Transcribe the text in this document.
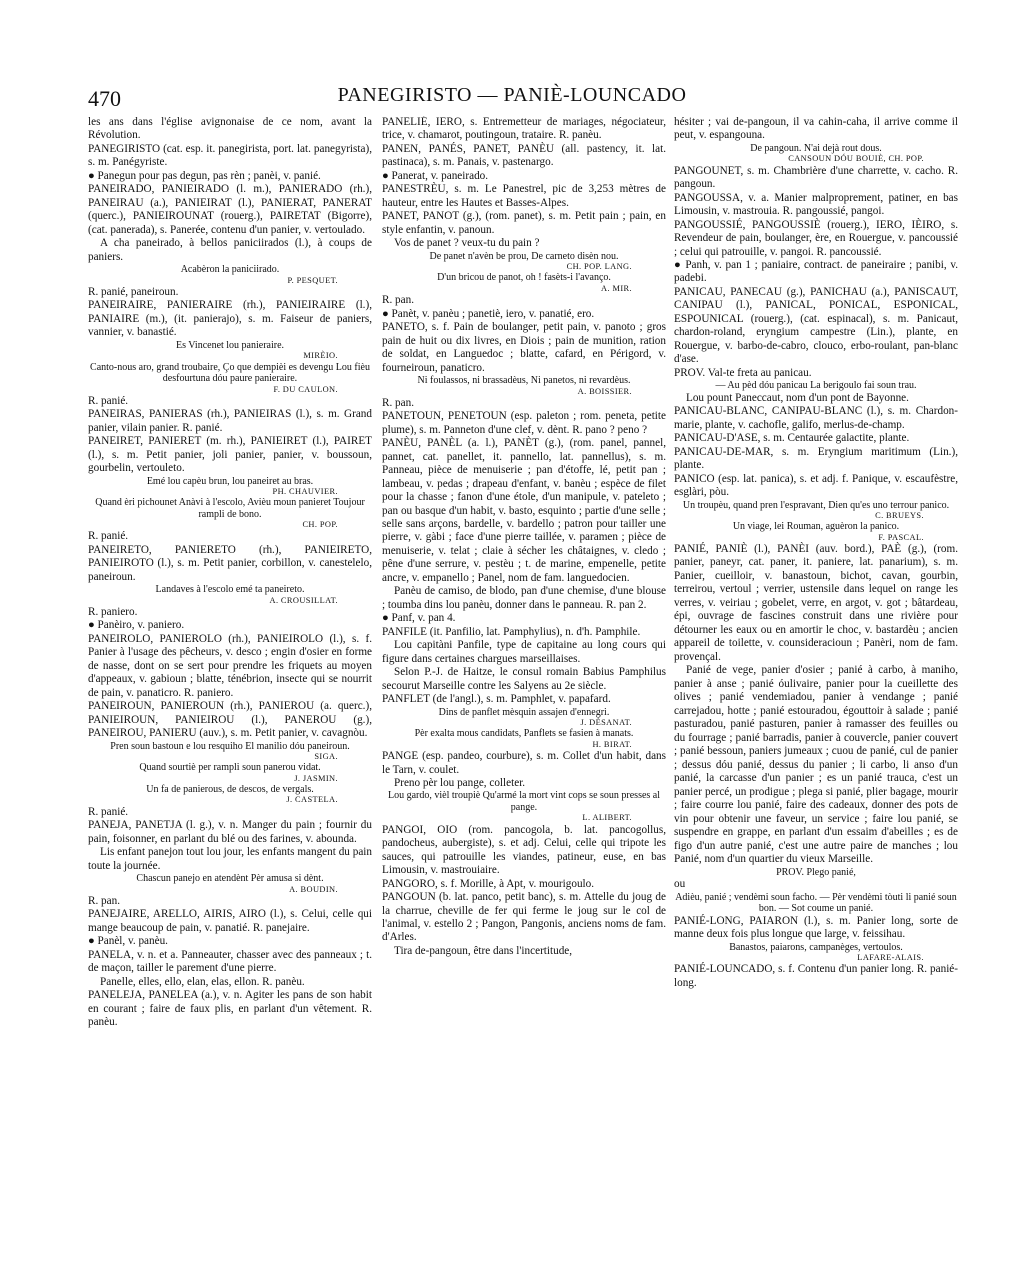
470	PANEGIRISTO — PANIÈ-LOUNCADO

les ans dans l'église avignonaise de ce nom, avant la Révolution.

PANEGIRISTO (cat. esp. it. panegirista, port. lat. panegyrista), s. m. Panégyriste.

● Panegun pour pas degun, pas rèn ; panèi, v. panié.

PANEIRADO, PANIEIRADO (l. m.), PANIERADO (rh.), PANEIRAU (a.), PANIEIRAT (l.), PANIERAT, PANERAT (querc.), PANIEIROUNAT (rouerg.), PAIRETAT (Bigorre), (cat. panerada), s. Panerée, contenu d'un panier, v. vertoulado.

A cha paneirado, à bellos paniciirados (l.), à coups de paniers.

Acabèron la paniciirado.

P. PESQUET.

R. panié, paneiroun.

PANEIRAIRE, PANIERAIRE (rh.), PANIEIRAIRE (l.), PANIAIRE (m.), (it. panierajo), s. m. Faiseur de paniers, vannier, v. banastié.

Es Vincenet lou panieraire.

MIRÈIO.

Canto-nous aro, grand troubaire, Ço que dempièi es devengu Lou fièu desfourtuna dóu paure panieraire.

F. DU CAULON.

R. panié.

PANEIRAS, PANIERAS (rh.), PANIEIRAS (l.), s. m. Grand panier, vilain panier. R. panié.

PANEIRET, PANIERET (m. rh.), PANIEIRET (l.), PAIRET (l.), s. m. Petit panier, joli panier, panier, v. boussoun, gourbelin, vertouleto.

Emé lou capèu brun, lou paneiret au bras.

PH. CHAUVIER.

Quand èri pichounet Anàvi à l'escolo, Avièu moun panieret Toujour rampli de bono.

CH. POP.

R. panié.

PANEIRETO, PANIERETO (rh.), PANIEIRETO, PANIEIROTO (l.), s. m. Petit panier, corbillon, v. canestelelo, paneiroun.

Landaves à l'escolo emé ta paneireto.

A. CROUSILLAT.

R. paniero.

● Panèiro, v. paniero.

PANEIROLO, PANIEROLO (rh.), PANIEIROLO (l.), s. f. Panier à l'usage des pêcheurs, v. desco ; engin d'osier en forme de nasse, dont on se sert pour prendre les friquets au moyen d'appeaux, v. gabioun ; blatte, ténébrion, insecte qui se nourrit de pain, v. panaticro. R. paniero.

PANEIROUN, PANIEROUN (rh.), PANIEROU (a. querc.), PANIEIROUN, PANIEIROU (l.), PANEROU (g.), PANEIROU, PANIERU (auv.), s. m. Petit panier, v. cavagnòu.

Pren soun bastoun e lou resquiho El manilio dóu paneiroun.

SIGA.

Quand sourtiè per rampli soun panerou vidat.

J. JASMIN.

Un fa de panierous, de descos, de vergals.

J. CASTELA.

R. panié.

PANEJA, PANETJA (l. g.), v. n. Manger du pain ; fournir du pain, foisonner, en parlant du blé ou des farines, v. abounda.

Lis enfant panejon tout lou jour, les enfants mangent du pain toute la journée.

Chascun panejo en atendènt Pèr amusa si dènt.

A. BOUDIN.

R. pan.

PANEJAIRE, ARELLO, AIRIS, AIRO (l.), s. Celui, celle qui mange beaucoup de pain, v. panatié. R. panejaire.

● Panèl, v. panèu.

PANELA, v. n. et a. Panneauter, chasser avec des panneaux ; t. de maçon, tailler le parement d'une pierre.

Panelle, elles, ello, elan, elas, ellon. R. panèu.

PANELEJA, PANELEA (a.), v. n. Agiter les pans de son habit en courant ; faire de faux plis, en parlant d'un vêtement. R. panèu.

PANELIÉ, IERO, s. Entremetteur de mariages, négociateur, trice, v. chamarot, poutingoun, trataire. R. panèu.

PANEN, PANÉS, PANET, PANÈU (all. pastency, it. lat. pastinaca), s. m. Panais, v. pastenargo.

● Panerat, v. paneirado.

PANESTRÈU, s. m. Le Panestrel, pic de 3,253 mètres de hauteur, entre les Hautes et Basses-Alpes.

PANET, PANOT (g.), (rom. panet), s. m. Petit pain ; pain, en style enfantin, v. panoun.

Vos de panet ? veux-tu du pain ?

De panet n'avèn be prou, De carneto disèn nou.

CH. POP. LANG.

D'un bricou de panot, oh ! fasèts-i l'avanço.

A. MIR.

R. pan.

● Panèt, v. panèu ; panetiè, iero, v. panatié, ero.

PANETO, s. f. Pain de boulanger, petit pain, v. panoto ; gros pain de huit ou dix livres, en Diois ; pain de munition, ration de soldat, en Languedoc ; blatte, cafard, en Périgord, v. fourneiroun, panaticro.

Ni foulassos, ni brassadèus, Ni panetos, ni revardèus.

A. BOISSIER.

R. pan.

PANETOUN, PENETOUN (esp. paleton ; rom. peneta, petite plume), s. m. Panneton d'une clef, v. dènt. R. pano ? peno ?

PANÈU, PANÈL (a. l.), PANÈT (g.), (rom. panel, pannel, pannet, cat. panellet, it. pannello, lat. pannellus), s. m. Panneau, pièce de menuiserie ; pan d'étoffe, lé, petit pan ; lambeau, v. pedas ; drapeau d'enfant, v. banèu ; espèce de filet pour la chasse ; fanon d'une étole, d'un manipule, v. pateleto ; pan ou basque d'un habit, v. basto, esquinto ; partie d'une selle ; selle sans arçons, bardelle, v. bardello ; patron pour tailler une pierre, v. gàbi ; face d'une pierre taillée, v. paramen ; pièce de menuiserie, v. telat ; claie à sécher les châtaignes, v. cledo ; pêne d'une serrure, v. pestèu ; t. de marine, empenelle, petite ancre, v. empanello ; Panel, nom de fam. languedocien.

Panèu de camiso, de blodo, pan d'une chemise, d'une blouse ; toumba dins lou panèu, donner dans le panneau. R. pan 2.

● Panf, v. pan 4.

PANFILE (it. Panfilio, lat. Pamphylius), n. d'h. Pamphile.

Lou capitàni Panfile, type de capitaine au long cours qui figure dans certaines chargues marseillaises.

Selon P.-J. de Haitze, le consul romain Babius Pamphilus secourut Marseille contre les Salyens au 2e siècle.

PANFLET (de l'angl.), s. m. Pamphlet, v. papafard.

Dins de panflet mèsquin assajen d'ennegri.

J. DÉSANAT.

Pèr exalta mous candidats, Panflets se fasien à manats.

H. BIRAT.

PANGE (esp. pandeo, courbure), s. m. Collet d'un habit, dans le Tarn, v. coulet.

Preno pèr lou pange, colleter.

Lou gardo, vièl troupiè Qu'armé la mort vint cops se soun presses al pange.

L. ALIBERT.

PANGOI, OIO (rom. pancogola, b. lat. pancogollus, pandocheus, aubergiste), s. et adj. Celui, celle qui tripote les sauces, qui patrouille les viandes, patineur, euse, en bas Limousin, v. mastrouiaire.

PANGORO, s. f. Morille, à Apt, v. mourigoulo.

PANGOUN (b. lat. panco, petit banc), s. m. Attelle du joug de la charrue, cheville de fer qui ferme le joug sur le col de l'animal, v. estello 2 ; Pangon, Pangonis, anciens noms de fam. d'Arles.

Tira de-pangoun, être dans l'incertitude,

hésiter ; vai de-pangoun, il va cahin-caha, il arrive comme il peut, v. espangouna.

De pangoun. N'ai dejà rout dous.

CANSOUN DÓU BOUIÈ, CH. POP.

PANGOUNET, s. m. Chambrière d'une charrette, v. cacho. R. pangoun.

PANGOUSSA, v. a. Manier malproprement, patiner, en bas Limousin, v. mastrouia. R. pangoussié, pangoi.

PANGOUSSIÉ, PANGOUSSIÈ (rouerg.), IERO, IÈIRO, s. Revendeur de pain, boulanger, ère, en Rouergue, v. pancoussié ; celui qui patrouille, v. pangoi. R. pancoussié.

● Panh, v. pan 1 ; paniaire, contract. de paneiraire ; panibi, v. padebi.

PANICAU, PANECAU (g.), PANICHAU (a.), PANISCAUT, CANIPAU (l.), PANICAL, PONICAL, ESPONICAL, ESPOUNICAL (rouerg.), (cat. espinacal), s. m. Panicaut, chardon-roland, eryngium campestre (Lin.), plante, en Rouergue, v. barbo-de-cabro, clouco, erbo-roulant, pan-blanc d'ase.

PROV. Val-te freta au panicau.

— Au pèd dóu panicau La berigoulo fai soun trau.

Lou pount Paneccaut, nom d'un pont de Bayonne.

PANICAU-BLANC, CANIPAU-BLANC (l.), s. m. Chardon-marie, plante, v. cachofle, galifo, merlus-de-champ.

PANICAU-D'ASE, s. m. Centaurée galactite, plante.

PANICAU-DE-MAR, s. m. Eryngium maritimum (Lin.), plante.

PANICO (esp. lat. panica), s. et adj. f. Panique, v. escaufèstre, esglàri, pòu.

Un troupèu, quand pren l'espravant, Dien qu'es uno terrour panico.

C. BRUEYS.

Un viage, lei Rouman, aguèron la panico.

F. PASCAL.

PANIÉ, PANIÈ (l.), PANÈI (auv. bord.), PAÈ (g.), (rom. panier, paneyr, cat. paner, it. paniere, lat. panarium), s. m. Panier, cueilloir, v. banastoun, bichot, cavan, gourbin, terreirou, vertoul ; verrier, ustensile dans lequel on range les verres, v. veiriau ; gobelet, verre, en argot, v. got ; bâtardeau, épi, ouvrage de fascines construit dans une rivière pour détourner les eaux ou en amortir le choc, v. bastardèu ; ancien appareil de toilette, v. counsideracioun ; Panèri, nom de fam. provençal.

Panié de vege, panier d'osier ; panié à carbo, à maniho, panier à anse ; panié óulivaire, panier pour la cueillette des olives ; panié vendemiadou, panier à vendange ; panié carrejadou, hotte ; panié estouradou, égouttoir à salade ; panié pasturadou, panié pasturen, panier à ramasser des feuilles ou du fourrage ; panié barradis, panier à couvercle, panier couvert ; panié bessoun, paniers jumeaux ; cuou de panié, cul de panier ; dessus dóu panié, dessus du panier ; li carbo, li anso d'un panié, la carcasse d'un panier ; es un panié trauca, c'est un panier percé, un prodigue ; plega si panié, plier bagage, mourir ; faire courre lou panié, faire des cadeaux, donner des pots de vin pour obtenir une faveur, un service ; faire lou panié, se suspendre en grappe, en parlant d'un essaim d'abeilles ; es de figo d'un autre panié, c'est une autre paire de manches ; lou Panié, nom d'un quartier du vieux Marseille.

PROV. Plego panié,

ou

Adièu, panié ; vendèmi soun facho. — Pèr vendèmi tòuti li panié soun bon. — Sot coume un panié.

PANIÉ-LONG, PAIARON (l.), s. m. Panier long, sorte de manne deux fois plus longue que large, v. feissihau.

Banastos, paiarons, campanèges, vertoulos.

LAFARE-ALAIS.

PANIÉ-LOUNCADO, s. f. Contenu d'un panier long. R. panié-long.
